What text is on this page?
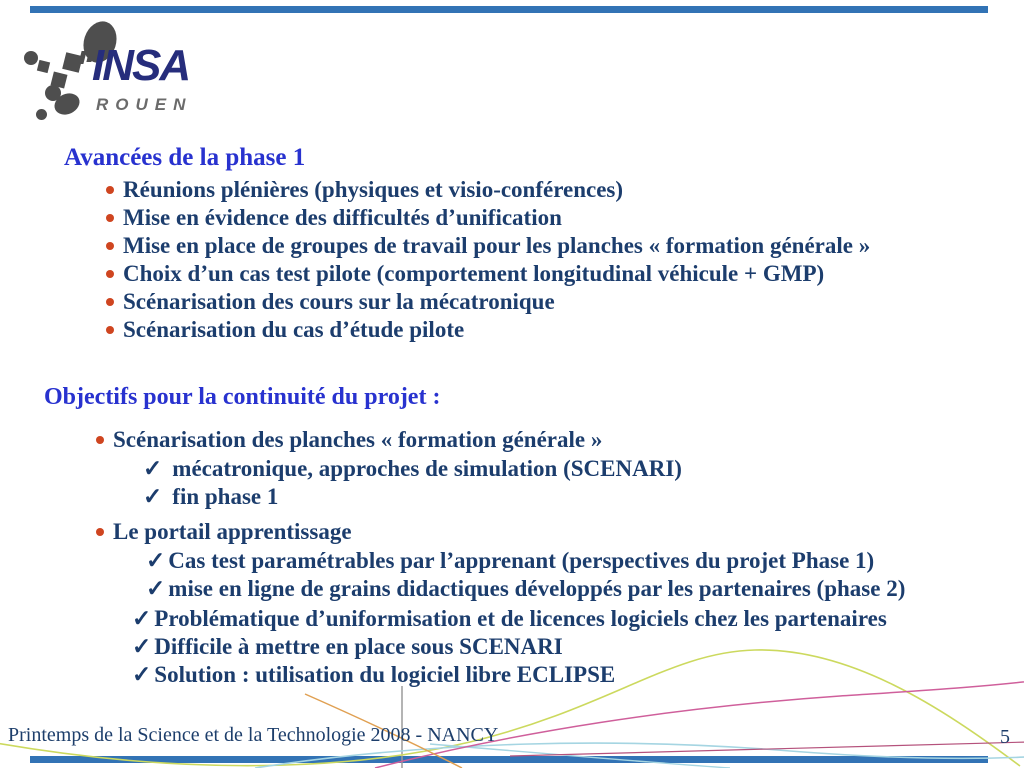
INSA
ROUEN
Avancées de la phase 1
Réunions plénières (physiques et visio-conférences)
Mise en évidence des difficultés d’unification
Mise en place de groupes de travail pour les planches « formation générale »
Choix d’un cas test pilote (comportement longitudinal véhicule + GMP)
Scénarisation des cours sur la mécatronique
Scénarisation du cas d’étude pilote
Objectifs pour la continuité du projet :
Scénarisation des planches « formation générale »
✓ mécatronique, approches de simulation (SCENARI)
✓ fin phase 1
Le portail apprentissage
✓ Cas test paramétrables par l’apprenant (perspectives du projet Phase 1)
✓ mise en ligne de grains didactiques développés par les partenaires (phase 2)
✓ Problématique d’uniformisation et de licences logiciels chez les partenaires
✓ Difficile à mettre en place sous SCENARI
✓ Solution : utilisation du logiciel libre ECLIPSE
Printemps de la Science et de la Technologie 2008 - NANCY	5
